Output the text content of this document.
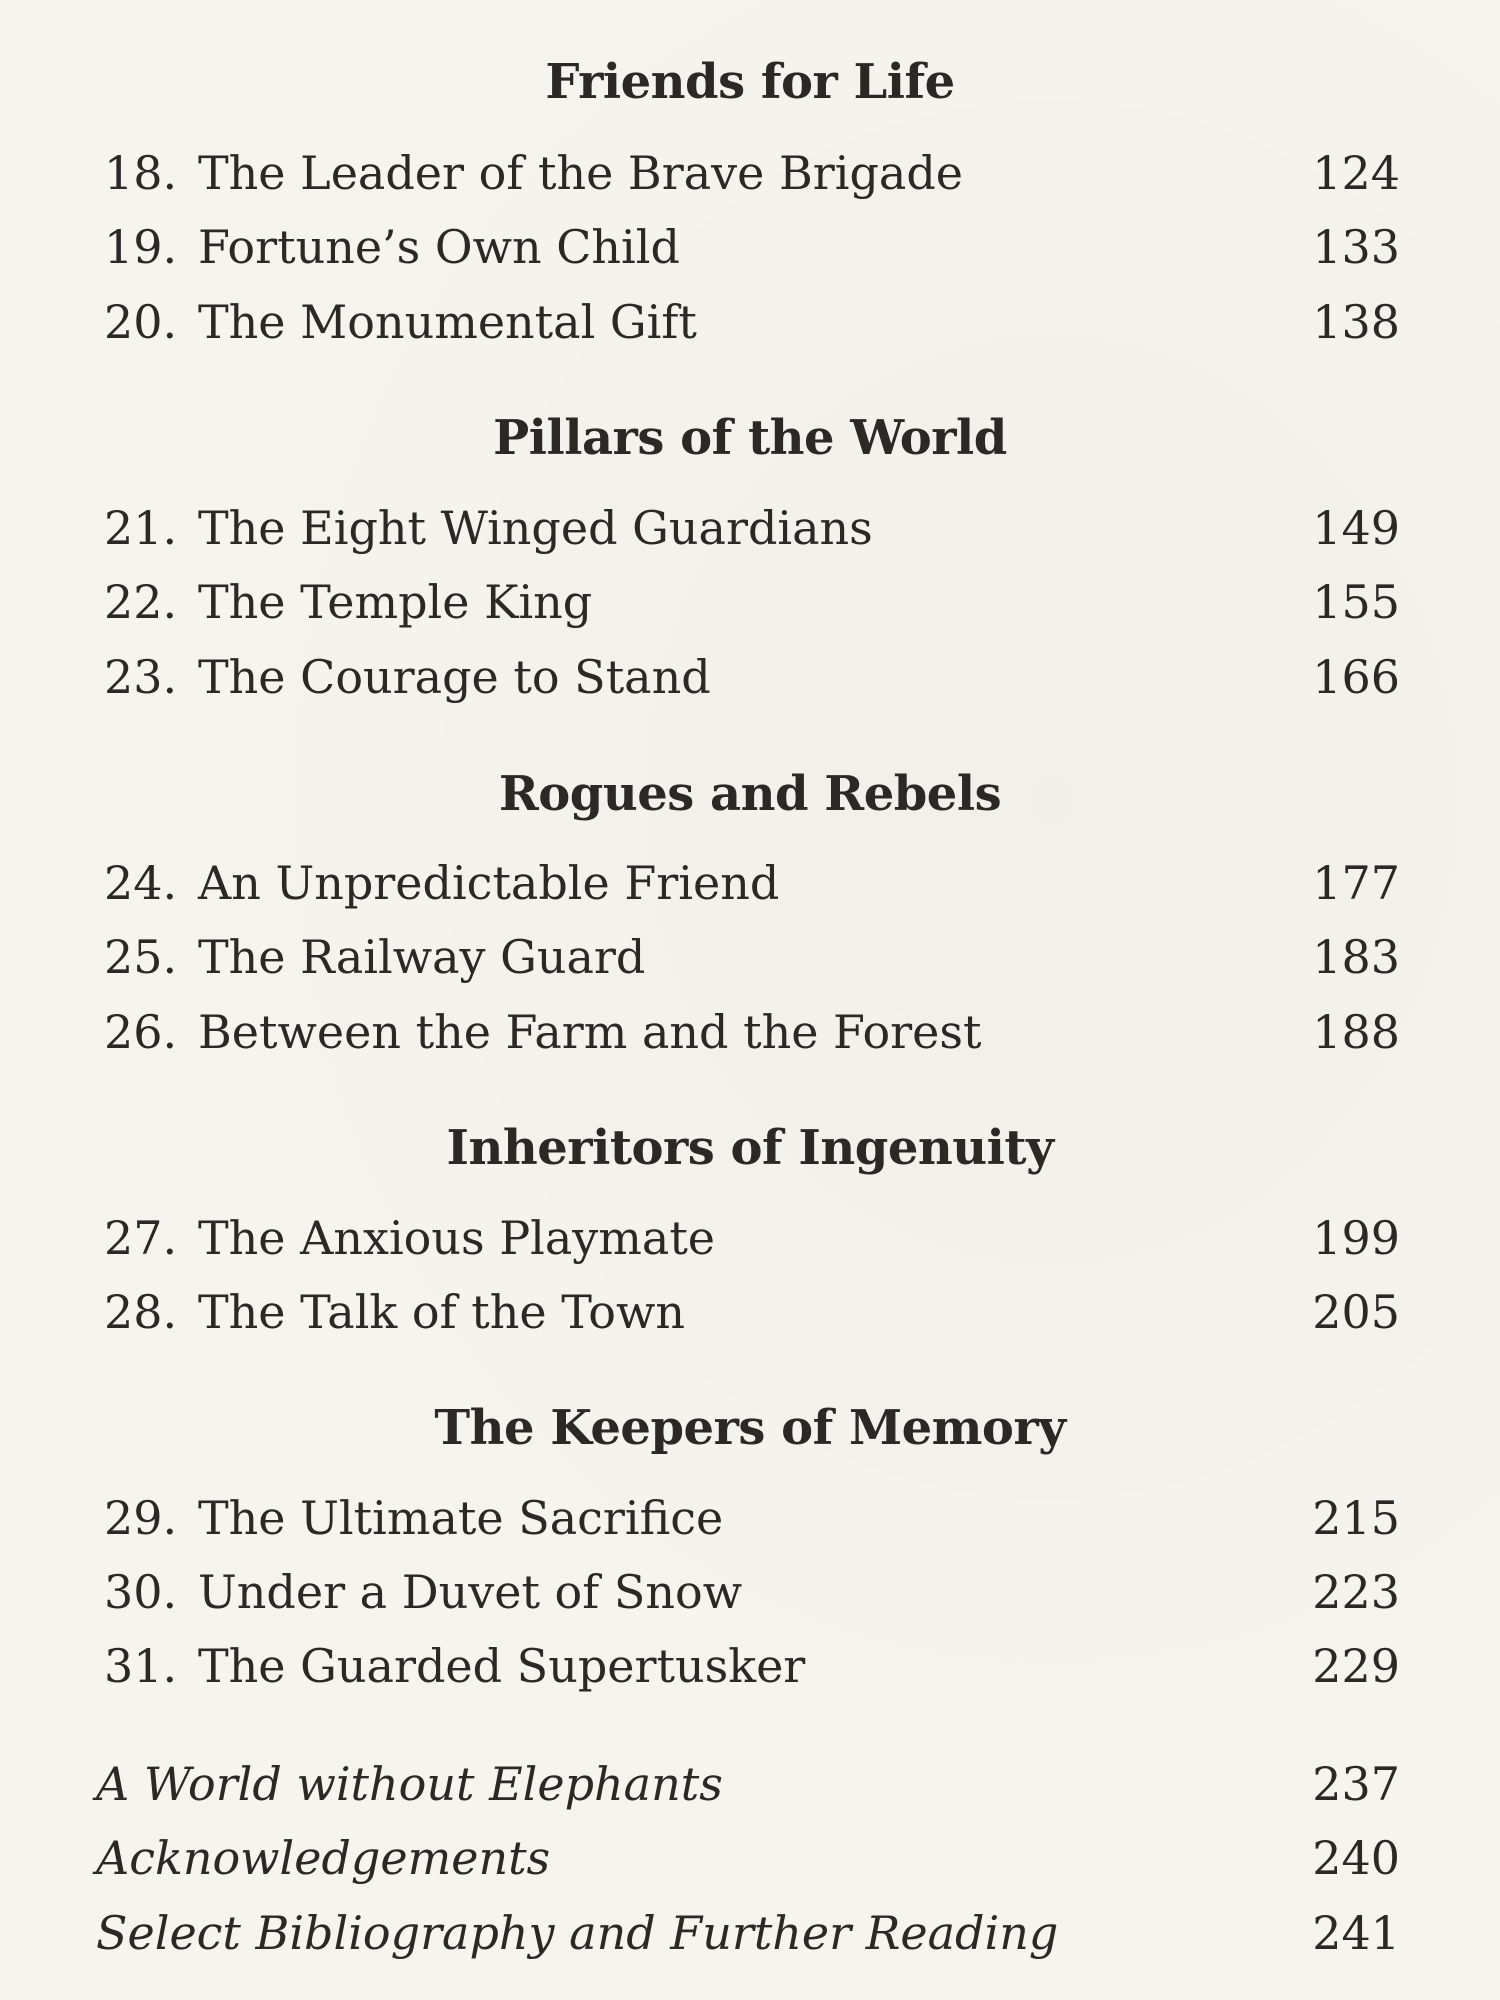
Friends for Life
18. The Leader of the Brave Brigade	124
19. Fortune’s Own Child	133
20. The Monumental Gift	138
Pillars of the World
21. The Eight Winged Guardians	149
22. The Temple King	155
23. The Courage to Stand	166
Rogues and Rebels
24. An Unpredictable Friend	177
25. The Railway Guard	183
26. Between the Farm and the Forest	188
Inheritors of Ingenuity
27. The Anxious Playmate	199
28. The Talk of the Town	205
The Keepers of Memory
29. The Ultimate Sacrifice	215
30. Under a Duvet of Snow	223
31. The Guarded Supertusker	229
A World without Elephants	237
Acknowledgements	240
Select Bibliography and Further Reading	241
